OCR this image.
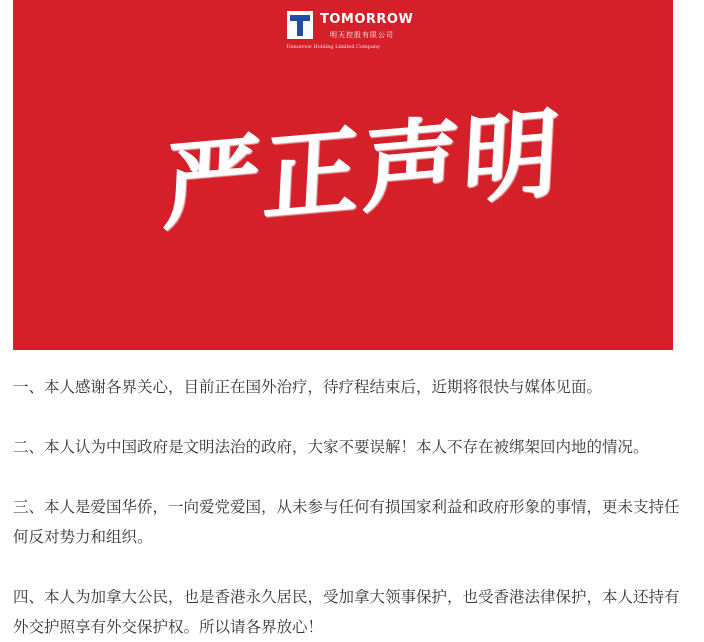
TOMORROW
明天控股有限公司
Tomorrow Holding Limited Company
严正声明

一、本人感谢各界关心，目前正在国外治疗，待疗程结束后，近期将很快与媒体见面。

二、本人认为中国政府是文明法治的政府，大家不要误解！本人不存在被绑架回内地的情况。

三、本人是爱国华侨，一向爱党爱国，从未参与任何有损国家利益和政府形象的事情，更未支持任何反对势力和组织。

四、本人为加拿大公民，也是香港永久居民，受加拿大领事保护，也受香港法律保护，本人还持有外交护照享有外交保护权。所以请各界放心！
